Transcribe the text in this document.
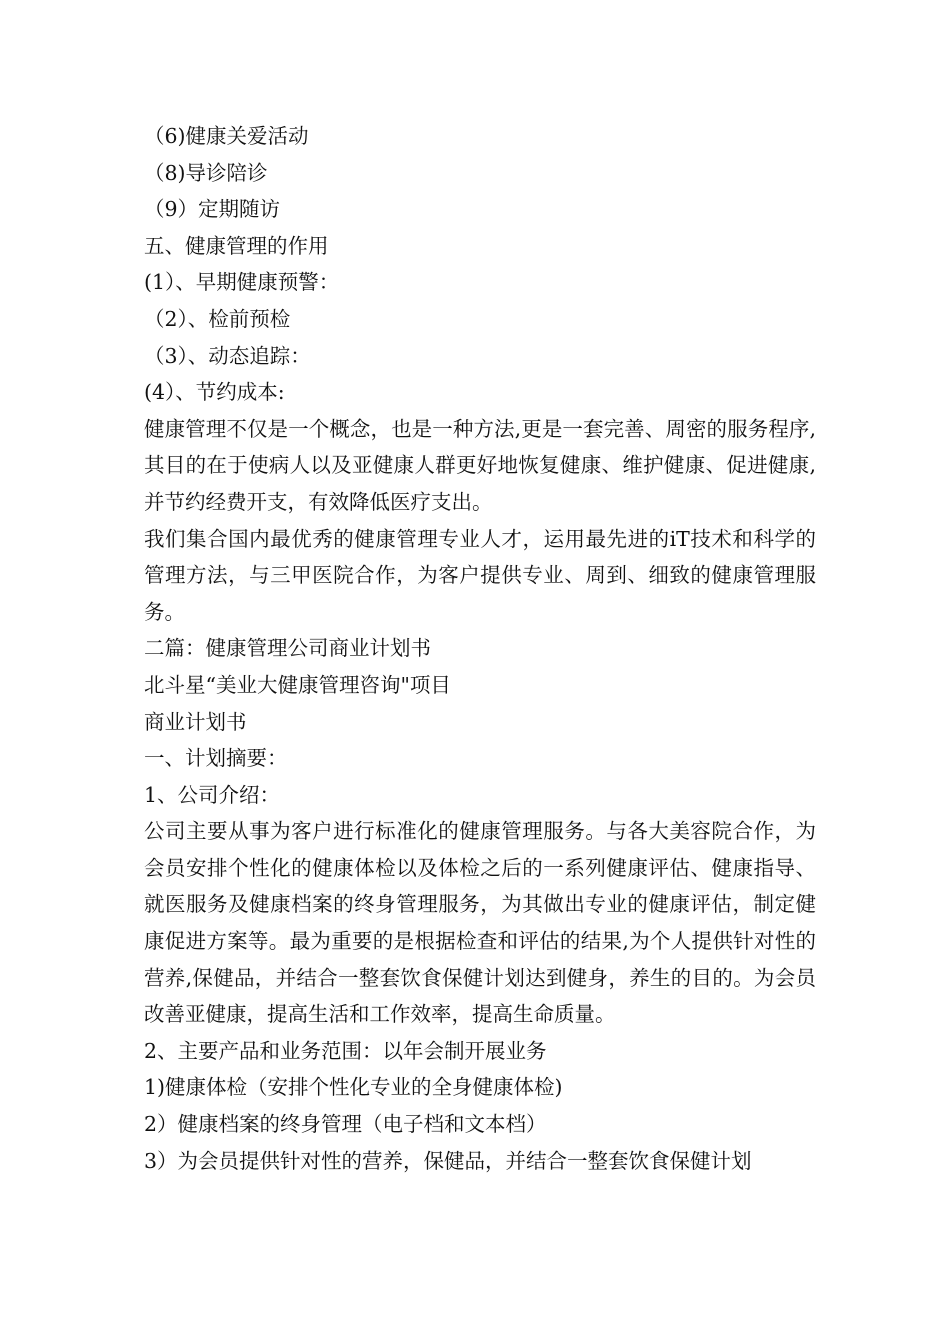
（6)健康关爱活动
（8)导诊陪诊
（9）定期随访
五、健康管理的作用
(1）、早期健康预警：
（2）、检前预检
（3）、动态追踪：
(4）、节约成本:
健康管理不仅是一个概念，也是一种方法,更是一套完善、周密的服务程序,其目的在于使病人以及亚健康人群更好地恢复健康、维护健康、促进健康,并节约经费开支，有效降低医疗支出。
我们集合国内最优秀的健康管理专业人才，运用最先进的iT技术和科学的管理方法，与三甲医院合作，为客户提供专业、周到、细致的健康管理服务。
二篇：健康管理公司商业计划书
北斗星“美业大健康管理咨询"项目
商业计划书
一、计划摘要：
1、公司介绍：
公司主要从事为客户进行标准化的健康管理服务。与各大美容院合作，为会员安排个性化的健康体检以及体检之后的一系列健康评估、健康指导、就医服务及健康档案的终身管理服务，为其做出专业的健康评估，制定健康促进方案等。最为重要的是根据检查和评估的结果,为个人提供针对性的营养,保健品，并结合一整套饮食保健计划达到健身，养生的目的。为会员改善亚健康，提高生活和工作效率，提高生命质量。
2、主要产品和业务范围：以年会制开展业务
1)健康体检（安排个性化专业的全身健康体检)
2）健康档案的终身管理（电子档和文本档）
3）为会员提供针对性的营养，保健品，并结合一整套饮食保健计划
